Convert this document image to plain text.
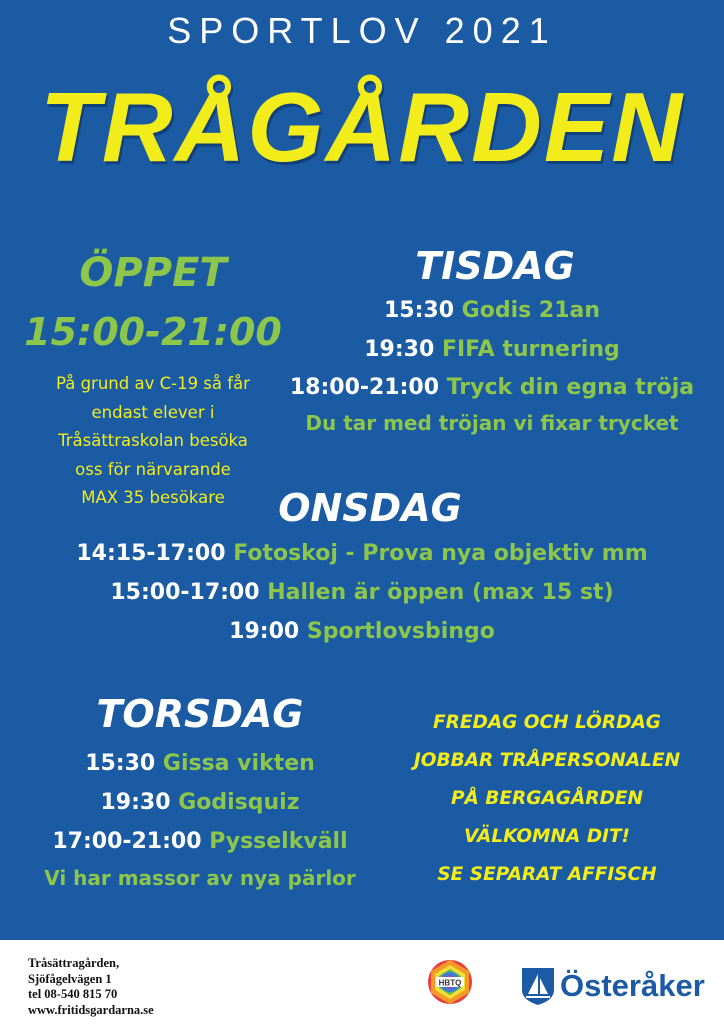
SPORTLOV 2021
TRÅGÅRDEN
ÖPPET
15:00-21:00
På grund av C-19 så får
endast elever i
Tråsättraskolan besöka
oss för närvarande
MAX 35 besökare
TISDAG
15:30 Godis 21an
19:30 FIFA turnering
18:00-21:00 Tryck din egna tröja
Du tar med tröjan vi fixar trycket
ONSDAG
14:15-17:00 Fotoskoj - Prova nya objektiv mm
15:00-17:00 Hallen är öppen (max 15 st)
19:00 Sportlovsbingo
TORSDAG
15:30 Gissa vikten
19:30 Godisquiz
17:00-21:00 Pysselkväll
Vi har massor av nya pärlor
FREDAG OCH LÖRDAG
JOBBAR TRÅPERSONALEN
PÅ BERGAGÅRDEN
VÄLKOMNA DIT!
SE SEPARAT AFFISCH
Tråsättragården,
Sjöfågelvägen 1
tel 08-540 815 70
www.fritidsgardarna.se
HBTQ	Österåker
